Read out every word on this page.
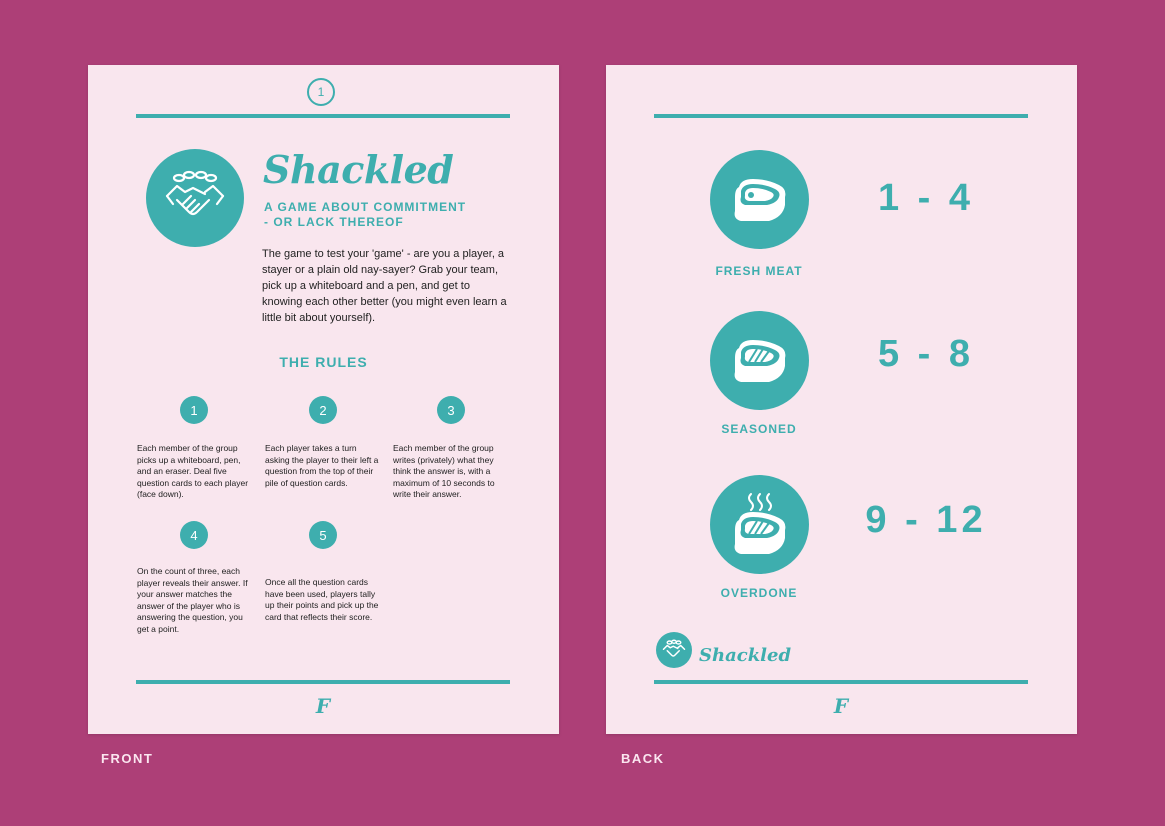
1
Shackled
A GAME ABOUT COMMITMENT
- OR LACK THEREOF
The game to test your 'game' - are you a player, a stayer or a plain old nay-sayer? Grab your team, pick up a whiteboard and a pen, and get to knowing each other better (you might even learn a little bit about yourself).
THE RULES
1	2	3
Each member of the group picks up a whiteboard, pen, and an eraser. Deal five question cards to each player (face down).
Each player takes a turn asking the player to their left a question from the top of their pile of question cards.
Each member of the group writes (privately) what they think the answer is, with a maximum of 10 seconds to write their answer.
4	5
On the count of three, each player reveals their answer. If your answer matches the answer of the player who is answering the question, you get a point.
Once all the question cards have been used, players tally up their points and pick up the card that reflects their score.
F
1 - 4
FRESH MEAT
5 - 8
SEASONED
9 - 12
OVERDONE
Shackled
F
FRONT	BACK
